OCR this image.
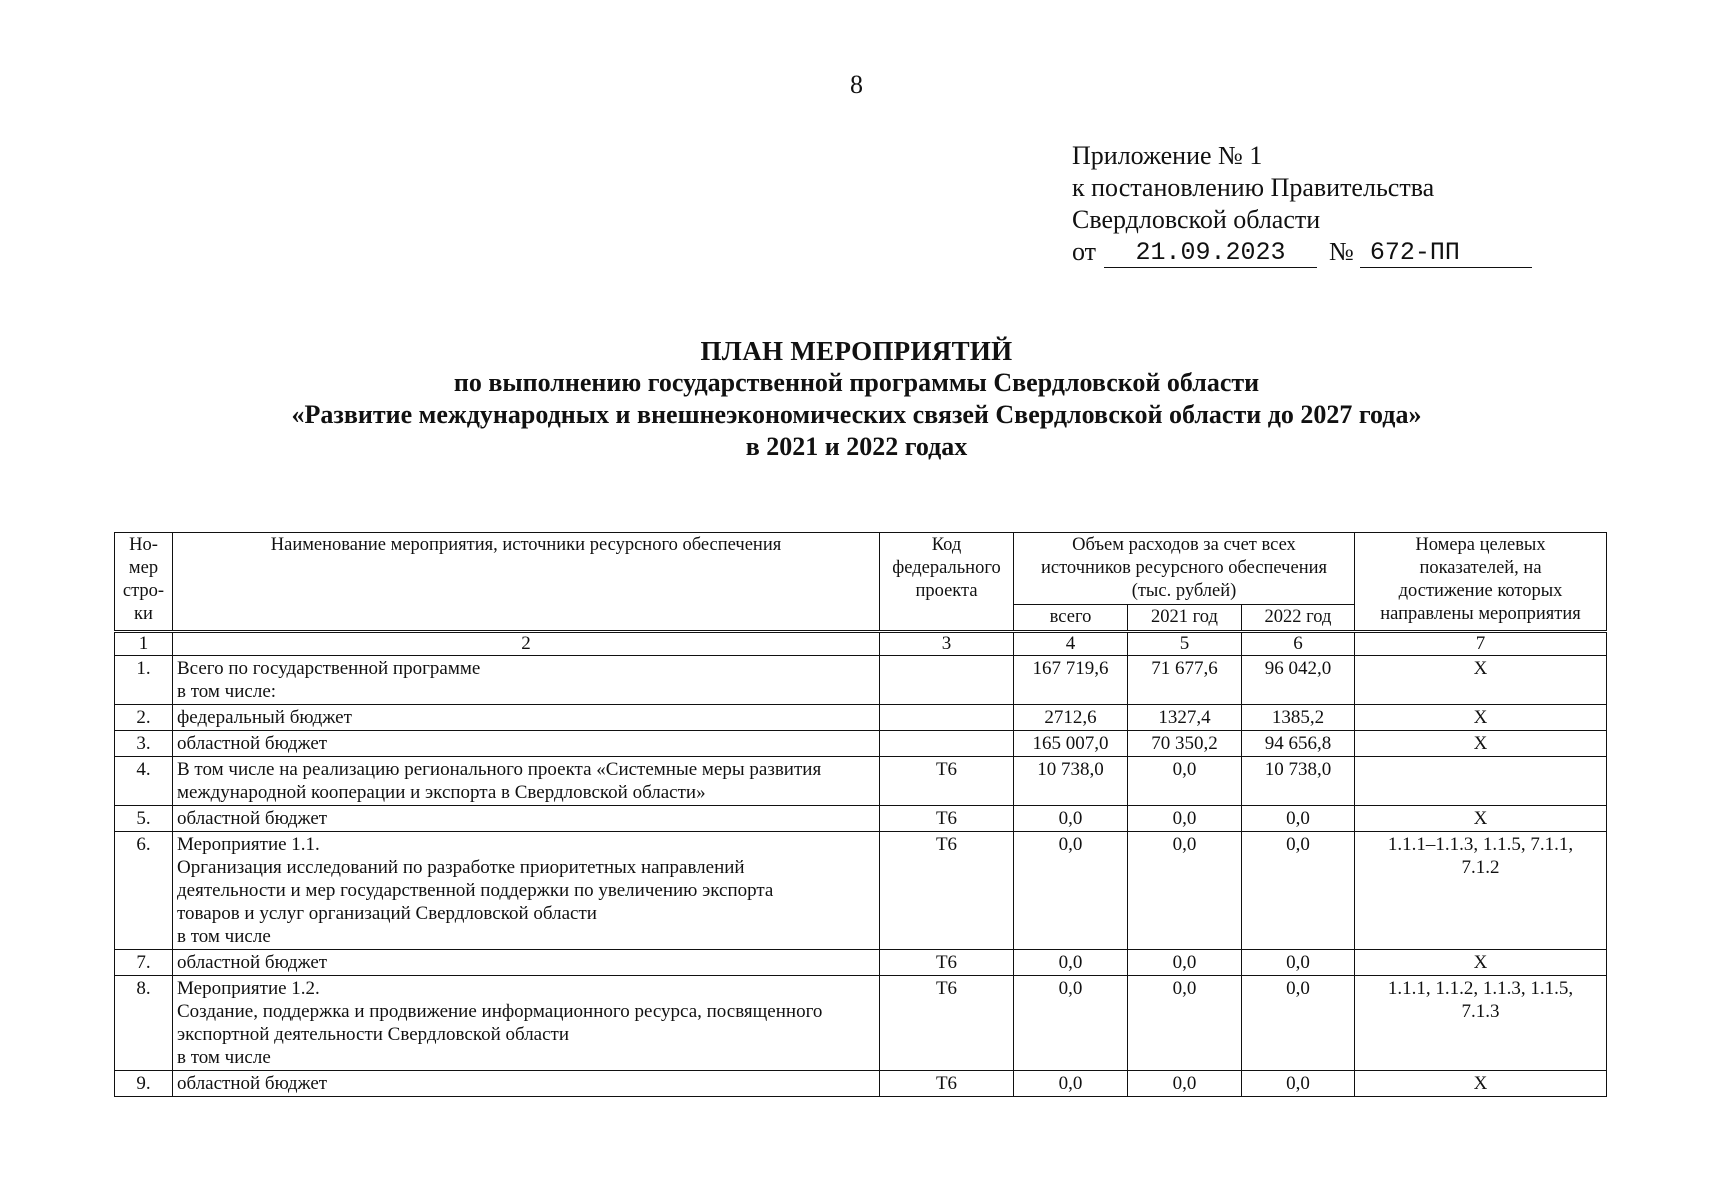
8
Приложение № 1
к постановлению Правительства
Свердловской области
от	21.09.2023	№ 672-ПП
ПЛАН МЕРОПРИЯТИЙ
по выполнению государственной программы Свердловской области
«Развитие международных и внешнеэкономических связей Свердловской области до 2027 года»
в 2021 и 2022 годах
Но-
мер
стро-
ки	Наименование мероприятия, источники ресурсного обеспечения	Код
федерального
проекта	Объем расходов за счет всех
источников ресурсного обеспечения
(тыс. рублей)			Номера целевых
показателей, на
достижение которых
направлены мероприятия

			всего	2021 год	2022 год	
1	2	3	4	5	6	7
1.	Всего по государственной программе
в том числе:		167 719,6	71 677,6	96 042,0	X

2.	федеральный бюджет		2712,6	1327,4	1385,2	X

3.	областной бюджет		165 007,0	70 350,2	94 656,8	X

4.	В том числе на реализацию регионального проекта «Системные меры развития
международной кооперации и экспорта в Свердловской области»	Т6	10 738,0	0,0	10 738,0	
5.	областной бюджет	Т6	0,0	0,0	0,0	X

6.	Мероприятие 1.1.
Организация исследований по разработке приоритетных направлений
деятельности и мер государственной поддержки по увеличению экспорта
товаров и услуг организаций Свердловской области
в том числе	Т6	0,0	0,0	0,0	1.1.1–1.1.3, 1.1.5, 7.1.1,
7.1.2

7.	областной бюджет	Т6	0,0	0,0	0,0	X

8.	Мероприятие 1.2.
Создание, поддержка и продвижение информационного ресурса, посвященного
экспортной деятельности Свердловской области
в том числе	Т6	0,0	0,0	0,0	1.1.1, 1.1.2, 1.1.3, 1.1.5,
7.1.3

9.	областной бюджет	Т6	0,0	0,0	0,0	X
